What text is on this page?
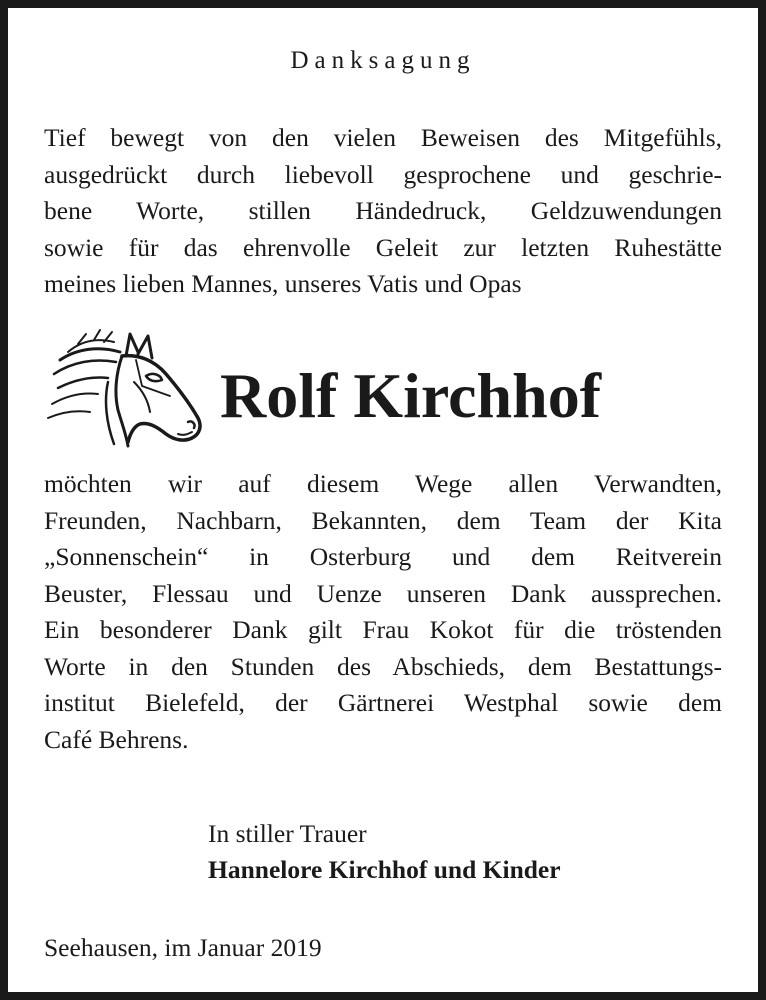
Danksagung
Tief bewegt von den vielen Beweisen des Mitgefühls,
ausgedrückt durch liebevoll gesprochene und geschrie-
bene Worte, stillen Händedruck, Geldzuwendungen
sowie für das ehrenvolle Geleit zur letzten Ruhestätte
meines lieben Mannes, unseres Vatis und Opas
Rolf Kirchhof
möchten wir auf diesem Wege allen Verwandten,
Freunden, Nachbarn, Bekannten, dem Team der Kita
„Sonnenschein“ in Osterburg und dem Reitverein
Beuster, Flessau und Uenze unseren Dank aussprechen.
Ein besonderer Dank gilt Frau Kokot für die tröstenden
Worte in den Stunden des Abschieds, dem Bestattungs-
institut Bielefeld, der Gärtnerei Westphal sowie dem
Café Behrens.
In stiller Trauer
Hannelore Kirchhof und Kinder
Seehausen, im Januar 2019
